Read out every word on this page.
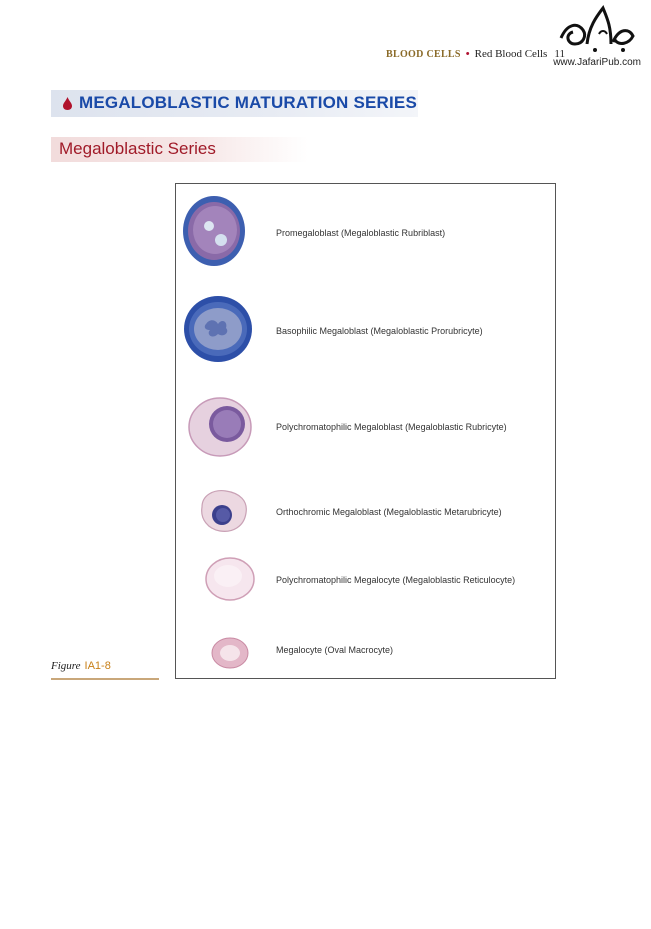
BLOOD CELLS • Red Blood Cells 11
www.JafariPub.com
MEGALOBLASTIC MATURATION SERIES
Megaloblastic Series
Promegaloblast (Megaloblastic Rubriblast)
Basophilic Megaloblast (Megaloblastic Prorubricyte)
Polychromatophilic Megaloblast (Megaloblastic Rubricyte)
Orthochromic Megaloblast (Megaloblastic Metarubricyte)
Polychromatophilic Megalocyte (Megaloblastic Reticulocyte)
Megalocyte (Oval Macrocyte)
Figure IA1-8
